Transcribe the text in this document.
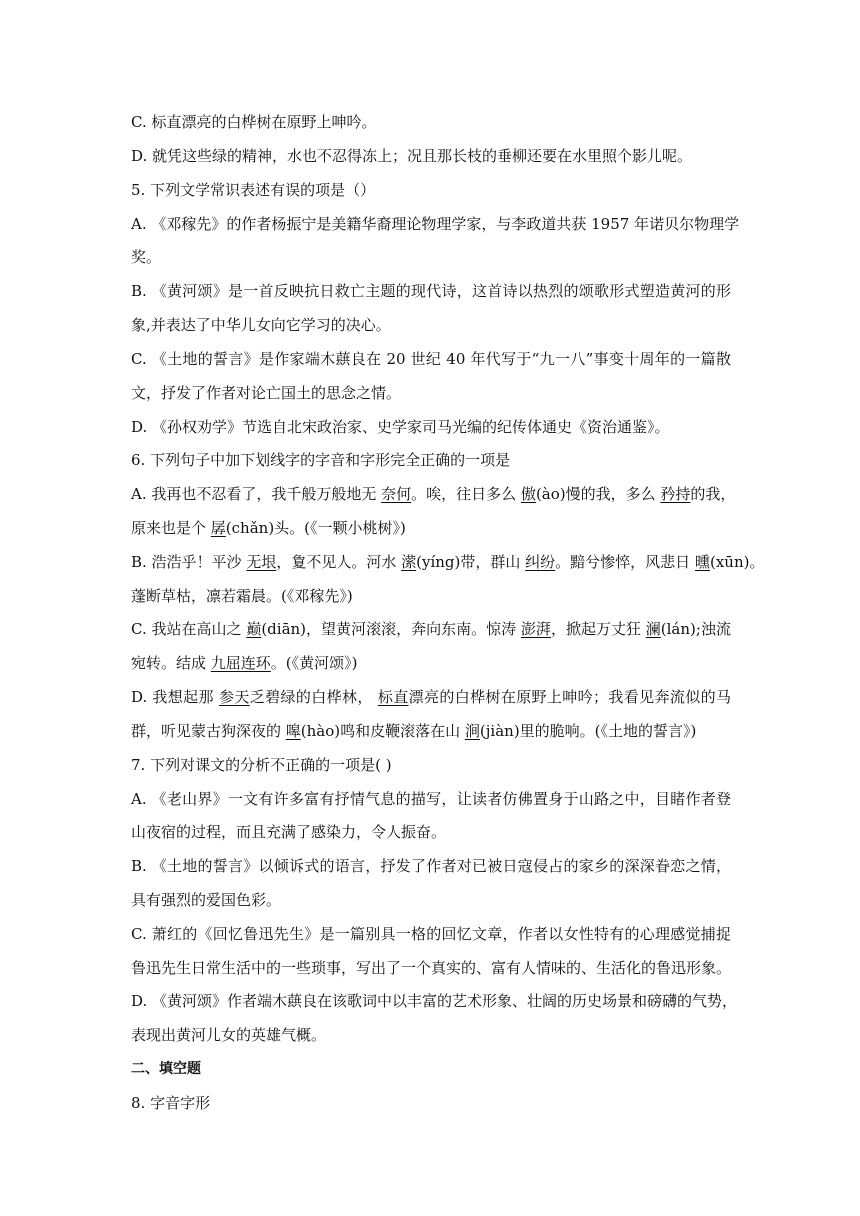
C. 标直漂亮的白桦树在原野上呻吟。
D. 就凭这些绿的精神，水也不忍得冻上；况且那长枝的垂柳还要在水里照个影儿呢。
5. 下列文学常识表述有误的项是（）
A. 《邓稼先》的作者杨振宁是美籍华裔理论物理学家，与李政道共获 1957 年诺贝尔物理学
奖。
B. 《黄河颂》是一首反映抗日救亡主题的现代诗，这首诗以热烈的颂歌形式塑造黄河的形
象,并表达了中华儿女向它学习的决心。
C. 《土地的誓言》是作家端木蕻良在 20 世纪 40 年代写于“九一八”事变十周年的一篇散
文，抒发了作者对论亡国土的思念之情。
D. 《孙权劝学》节选自北宋政治家、史学家司马光编的纪传体通史《资治通鉴》。
6. 下列句子中加下划线字的字音和字形完全正确的一项是
A. 我再也不忍看了，我千般万般地无 奈何。唉，往日多么 傲(ào)慢的我，多么 矜持的我，
原来也是个 孱(chǎn)头。(《一颗小桃树》)
B. 浩浩乎！平沙 无垠，夐不见人。河水 潆(yíng)带，群山 纠纷。黯兮惨悴，风悲日 曛(xūn)。
蓬断草枯，凛若霜晨。(《邓稼先》)
C. 我站在高山之 巅(diān)，望黄河滚滚，奔向东南。惊涛 澎湃，掀起万丈狂 澜(lán);浊流
宛转。结成 九屈连环。(《黄河颂》)
D. 我想起那 参天乏碧绿的白桦林， 标直漂亮的白桦树在原野上呻吟；我看见奔流似的马
群，听见蒙古狗深夜的 嗥(hào)鸣和皮鞭滚落在山 涧(jiàn)里的脆响。(《土地的誓言》)
7. 下列对课文的分析不正确的一项是( )
A. 《老山界》一文有许多富有抒情气息的描写，让读者仿佛置身于山路之中，目睹作者登
山夜宿的过程，而且充满了感染力，令人振奋。
B. 《土地的誓言》以倾诉式的语言，抒发了作者对已被日寇侵占的家乡的深深眷恋之情，
具有强烈的爱国色彩。
C. 萧红的《回忆鲁迅先生》是一篇别具一格的回忆文章，作者以女性特有的心理感觉捕捉
鲁迅先生日常生活中的一些琐事，写出了一个真实的、富有人情味的、生活化的鲁迅形象。
D. 《黄河颂》作者端木蕻良在该歌词中以丰富的艺术形象、壮阔的历史场景和磅礴的气势，
表现出黄河儿女的英雄气概。
二、填空题
8. 字音字形
